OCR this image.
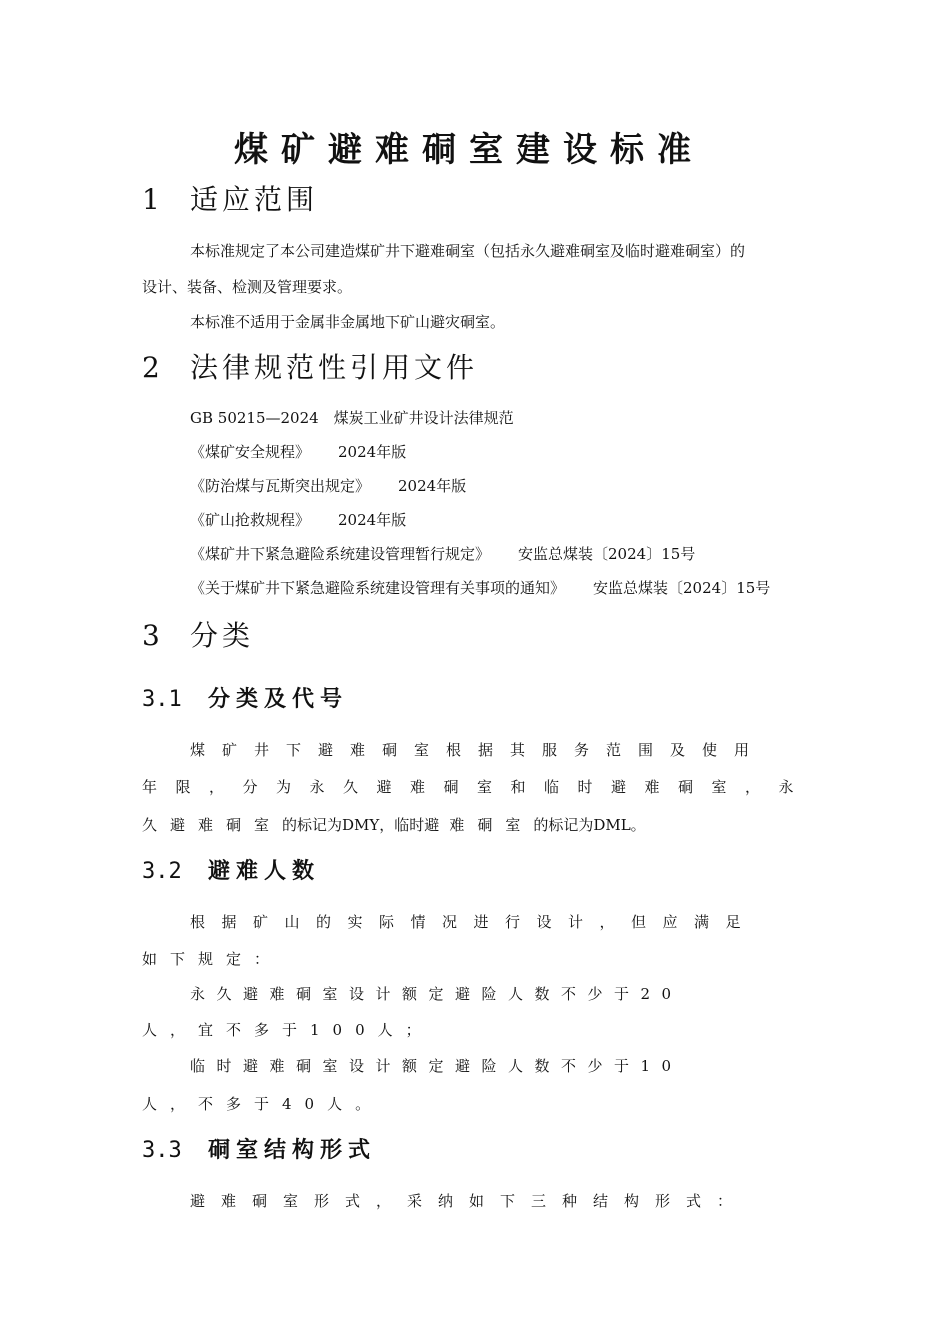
煤矿避难硐室建设标准
1 适应范围
本标准规定了本公司建造煤矿井下避难硐室（包括永久避难硐室及临时避难硐室）的
设计、装备、检测及管理要求。
本标准不适用于金属非金属地下矿山避灾硐室。
2 法律规范性引用文件
GB 50215—2024　煤炭工业矿井设计法律规范
《煤矿安全规程》 2024年版
《防治煤与瓦斯突出规定》 2024年版
《矿山抢救规程》 2024年版
《煤矿井下紧急避险系统建设管理暂行规定》 安监总煤装〔2024〕15号
《关于煤矿井下紧急避险系统建设管理有关事项的通知》 安监总煤装〔2024〕15号
3 分类
3.1 分类及代号
煤矿井下避难硐室根据其服务范围及使用
年限，分为永久避难硐室和临时避难硐室，永
久避难硐室的标记为DMY，临时避 难硐室的标记为DML。
3.2 避难人数
根据矿山的实际情况进行设计，但应满足
如下规定：
永久避难硐室设计额定避险人数不少于20
人，宜不多于100人；
临时避难硐室设计额定避险人数不少于10
人，不多于40人。
3.3 硐室结构形式
避难硐室形式，采纳如下三种结构形式：
